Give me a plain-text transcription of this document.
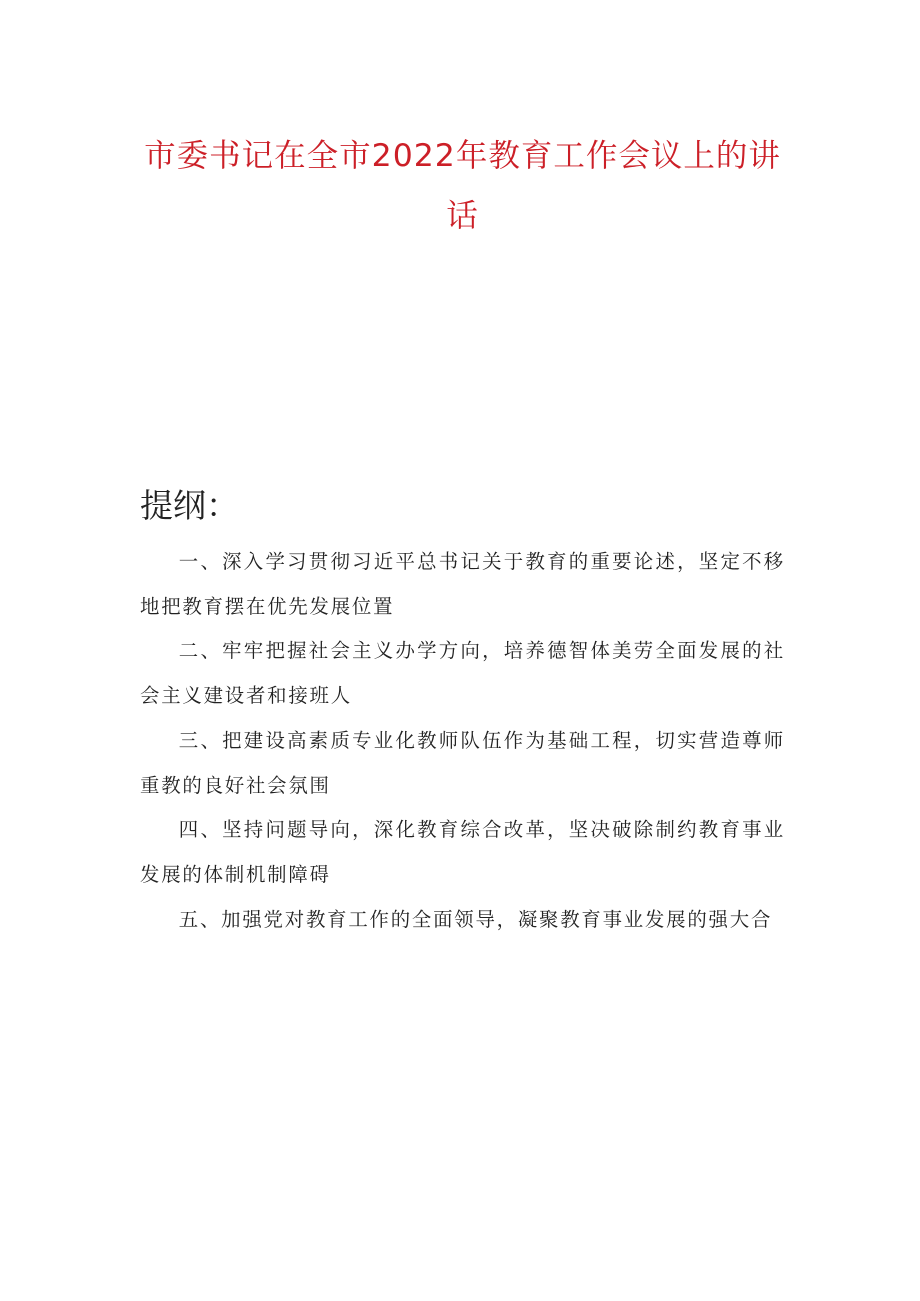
市委书记在全市2022年教育工作会议上的讲话
提纲：
一、深入学习贯彻习近平总书记关于教育的重要论述，坚定不移地把教育摆在优先发展位置
二、牢牢把握社会主义办学方向，培养德智体美劳全面发展的社会主义建设者和接班人
三、把建设高素质专业化教师队伍作为基础工程，切实营造尊师重教的良好社会氛围
四、坚持问题导向，深化教育综合改革，坚决破除制约教育事业发展的体制机制障碍
五、加强党对教育工作的全面领导，凝聚教育事业发展的强大合
